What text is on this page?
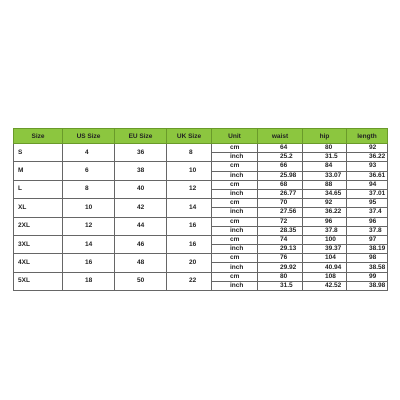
Size	US Size	EU Size	UK Size	Unit	waist	hip	length
S	4	36	8	cm	64	80	92
				inch	25.2	31.5	36.22
M	6	38	10	cm	66	84	93
				inch	25.98	33.07	36.61
L	8	40	12	cm	68	88	94
				inch	26.77	34.65	37.01
XL	10	42	14	cm	70	92	95
				inch	27.56	36.22	37.4
2XL	12	44	16	cm	72	96	96
				inch	28.35	37.8	37.8
3XL	14	46	16	cm	74	100	97
				inch	29.13	39.37	38.19
4XL	16	48	20	cm	76	104	98
				inch	29.92	40.94	38.58
5XL	18	50	22	cm	80	108	99
				inch	31.5	42.52	38.98
